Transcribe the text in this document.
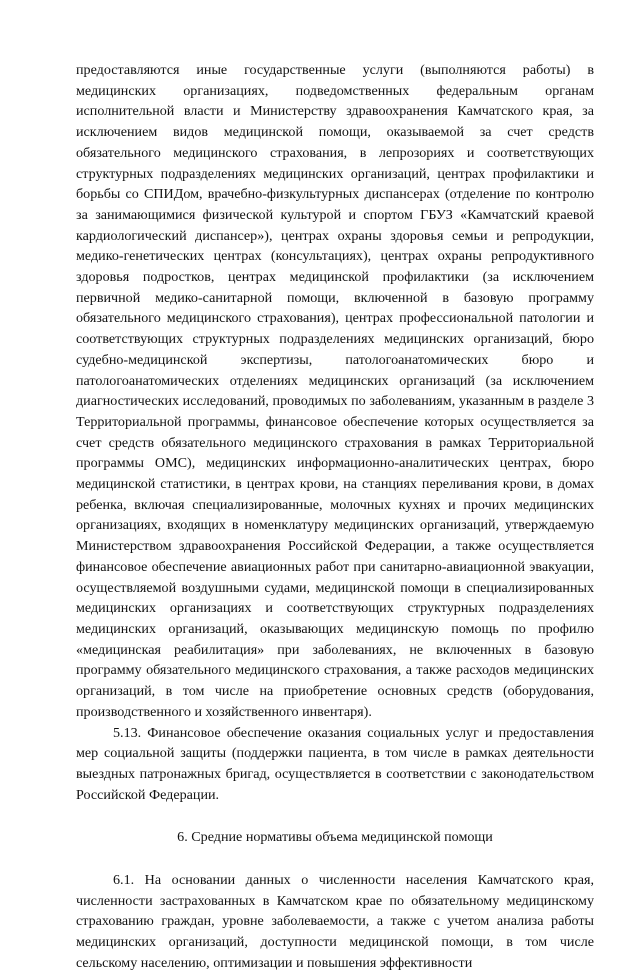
предоставляются иные государственные услуги (выполняются работы) в медицинских организациях, подведомственных федеральным органам исполнительной власти и Министерству здравоохранения Камчатского края, за исключением видов медицинской помощи, оказываемой за счет средств обязательного медицинского страхования, в лепрозориях и соответствующих структурных подразделениях медицинских организаций, центрах профилактики и борьбы со СПИДом, врачебно-физкультурных диспансерах (отделение по контролю за занимающимися физической культурой и спортом ГБУЗ «Камчатский краевой кардиологический диспансер»), центрах охраны здоровья семьи и репродукции, медико-генетических центрах (консультациях), центрах охраны репродуктивного здоровья подростков, центрах медицинской профилактики (за исключением первичной медико-санитарной помощи, включенной в базовую программу обязательного медицинского страхования), центрах профессиональной патологии и соответствующих структурных подразделениях медицинских организаций, бюро судебно-медицинской экспертизы, патологоанатомических бюро и патологоанатомических отделениях медицинских организаций (за исключением диагностических исследований, проводимых по заболеваниям, указанным в разделе 3 Территориальной программы, финансовое обеспечение которых осуществляется за счет средств обязательного медицинского страхования в рамках Территориальной программы ОМС), медицинских информационно-аналитических центрах, бюро медицинской статистики, в центрах крови, на станциях переливания крови, в домах ребенка, включая специализированные, молочных кухнях и прочих медицинских организациях, входящих в номенклатуру медицинских организаций, утверждаемую Министерством здравоохранения Российской Федерации, а также осуществляется финансовое обеспечение авиационных работ при санитарно-авиационной эвакуации, осуществляемой воздушными судами, медицинской помощи в специализированных медицинских организациях и соответствующих структурных подразделениях медицинских организаций, оказывающих медицинскую помощь по профилю «медицинская реабилитация» при заболеваниях, не включенных в базовую программу обязательного медицинского страхования, а также расходов медицинских организаций, в том числе на приобретение основных средств (оборудования, производственного и хозяйственного инвентаря).

5.13. Финансовое обеспечение оказания социальных услуг и предоставления мер социальной защиты (поддержки пациента, в том числе в рамках деятельности выездных патронажных бригад, осуществляется в соответствии с законодательством Российской Федерации.

6. Средние нормативы объема медицинской помощи

6.1. На основании данных о численности населения Камчатского края, численности застрахованных в Камчатском крае по обязательному медицинскому страхованию граждан, уровне заболеваемости, а также с учетом анализа работы медицинских организаций, доступности медицинской помощи, в том числе сельскому населению, оптимизации и повышения эффективности
